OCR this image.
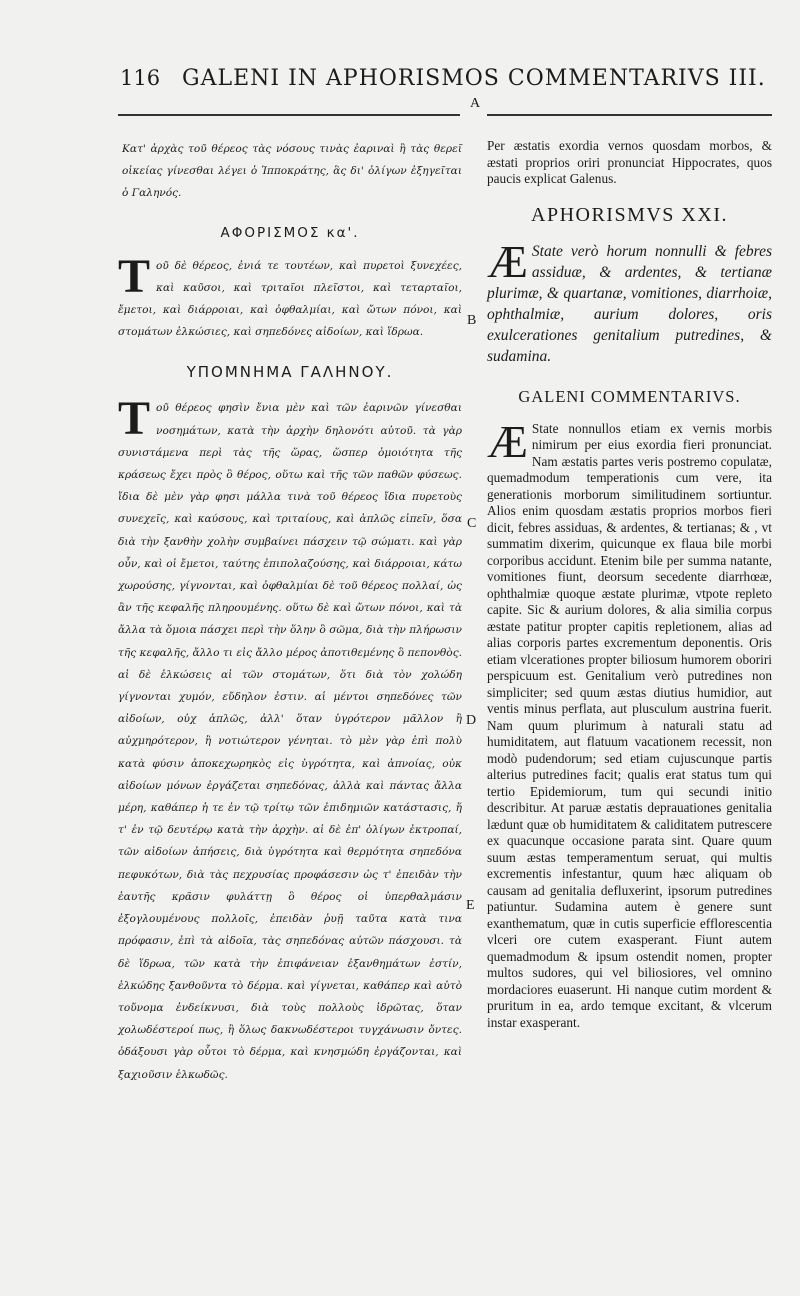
116 GALENI IN APHORISMOS COMMENTARIVS III.
A
B
C
D
E

Κατ' ἀρχὰς τοῦ θέρεος τὰς νόσους τινὰς ἐαριναὶ ἢ τὰς θερεῖ οἰκείας γίνεσθαι λέγει ὁ Ἱπποκράτης, ἃς δι' ὀλίγων ἐξηγεῖται ὁ Γαληνός.

ΑΦΟΡΙΣΜΟΣ κα'.

Τ οῦ δὲ θέρεος, ἐνιά τε τουτέων, καὶ πυρετοὶ ξυνεχέες, καὶ καῦσοι, καὶ τριταῖοι πλεῖστοι, καὶ τεταρταῖοι, ἔμετοι, καὶ διάρροιαι, καὶ ὀφθαλμίαι, καὶ ὤτων πόνοι, καὶ στομάτων ἑλκώσιες, καὶ σηπεδόνες αἰδοίων, καὶ ἵδρωα.

ΥΠΟΜΝΗΜΑ ΓΑΛΗΝΟΥ.

Τ οῦ θέρεος φησὶν ἔνια μὲν καὶ τῶν ἐαρινῶν γίνεσθαι νοσημάτων, κατὰ τὴν ἀρχὴν δηλονότι αὐτοῦ. τὰ γὰρ συνιστάμενα περὶ τὰς τῆς ὥρας, ὥσπερ ὁμοιότητα τῆς κράσεως ἔχει πρὸς ὃ θέρος, οὕτω καὶ τῆς τῶν παθῶν φύσεως. ἴδια δὲ μὲν γὰρ φησι μάλλα τινὰ τοῦ θέρεος ἴδια πυρετοὺς συνεχεῖς, καὶ καύσους, καὶ τριταίους, καὶ ἁπλῶς εἰπεῖν, ὅσα διὰ τὴν ξανθὴν χολὴν συμβαίνει πάσχειν τῷ σώματι. καὶ γὰρ οὖν, καὶ οἱ ἔμετοι, ταύτης ἐπιπολαζούσης, καὶ διάρροιαι, κάτω χωρούσης, γίγνονται, καὶ ὀφθαλμίαι δὲ τοῦ θέρεος πολλαί, ὡς ἂν τῆς κεφαλῆς πληρουμένης. οὕτω δὲ καὶ ὤτων πόνοι, καὶ τὰ ἄλλα τὰ ὅμοια πάσχει περὶ τὴν ὅλην ὃ σῶμα, διὰ τὴν πλήρωσιν τῆς κεφαλῆς, ἄλλο τι εἰς ἄλλο μέρος ἀποτιθεμένης ὃ πεπονθὸς. αἱ δὲ ἑλκώσεις αἱ τῶν στομάτων, ὅτι διὰ τὸν χολώδη γίγνονται χυμόν, εὔδηλον ἐστιν. αἱ μέντοι σηπεδόνες τῶν αἰδοίων, οὐχ ἁπλῶς, ἀλλ' ὅταν ὑγρότερον μᾶλλον ἢ αὐχμηρότερον, ἢ νοτιώτερον γένηται. τὸ μὲν γὰρ ἐπὶ πολὺ κατὰ φύσιν ἀποκεχωρηκὸς εἰς ὑγρότητα, καὶ ἀπνοίας, οὐκ αἰδοίων μόνων ἐργάζεται σηπεδόνας, ἀλλὰ καὶ πάντας ἄλλα μέρη, καθάπερ ἡ τε ἐν τῷ τρίτῳ τῶν ἐπιδημιῶν κατάστασις, ἥ τ' ἐν τῷ δευτέρῳ κατὰ τὴν ἀρχὴν. αἱ δὲ ἐπ' ὀλίγων ἐκτροπαί, τῶν αἰδοίων ἀπήσεις, διὰ ὑγρότητα καὶ θερμότητα σηπεδόνα πεφυκότων, διὰ τὰς πεχρυσίας προφάσεσιν ὡς τ' ἐπειδὰν τὴν ἑαυτῆς κρᾶσιν φυλάττῃ ὃ θέρος οἱ ὑπερθαλμάσιν ἐξογλουμένους πολλοῖς, ἐπειδὰν ῥυῇ ταῦτα κατὰ τινα πρόφασιν, ἐπὶ τὰ αἰδοῖα, τὰς σηπεδόνας αὐτῶν πάσχουσι. τὰ δὲ ἵδρωα, τῶν κατὰ τὴν ἐπιφάνειαν ἐξανθημάτων ἐστίν, ἑλκώδης ξανθοῦντα τὸ δέρμα. καὶ γίγνεται, καθάπερ καὶ αὐτὸ τοὔνομα ἐνδείκνυσι, διὰ τοὺς πολλοὺς ἱδρῶτας, ὅταν χολωδέστεροί πως, ἢ ὅλως δακνωδέστεροι τυγχάνωσιν ὄντες. ὀδάξουσι γὰρ οὗτοι τὸ δέρμα, καὶ κνησμώδη ἐργάζονται, καὶ ξαχιοῦσιν ἑλκωδῶς.

Per æstatis exordia vernos quosdam morbos, & æstati proprios oriri pronunciat Hippocrates, quos paucis explicat Galenus.

APHORISMVS XXI.

Æ State verò horum nonnulli & febres assiduæ, & ardentes, & tertianæ plurimæ, & quartanæ, vomitiones, diarrhoiæ, ophthalmiæ, aurium dolores, oris exulcerationes genitalium putredines, & sudamina.

GALENI COMMENTARIVS.

Æ State nonnullos etiam ex vernis morbis nimirum per eius exordia fieri pronunciat. Nam æstatis partes veris postremo copulatæ, quemadmodum temperationis cum vere, ita generationis morborum similitudinem sortiuntur. Alios enim quosdam æstatis proprios morbos fieri dicit, febres assiduas, & ardentes, & tertianas; & , vt summatim dixerim, quicunque ex flaua bile morbi corporibus accidunt. Etenim bile per summa natante, vomitiones fiunt, deorsum secedente diarrhœæ, ophthalmiæ quoque æstate plurimæ, vtpote repleto capite. Sic & aurium dolores, & alia similia corpus æstate patitur propter capitis repletionem, alias ad alias corporis partes excrementum deponentis. Oris etiam vlcerationes propter biliosum humorem oboriri perspicuum est. Genitalium verò putredines non simpliciter; sed quum æstas diutius humidior, aut ventis minus perflata, aut plusculum austrina fuerit. Nam quum plurimum à naturali statu ad humiditatem, aut flatuum vacationem recessit, non modò pudendorum; sed etiam cujuscunque partis alterius putredines facit; qualis erat status tum qui tertio Epidemiorum, tum qui secundi initio describitur. At paruæ æstatis deprauationes genitalia lædunt quæ ob humiditatem & caliditatem putrescere ex quacunque occasione parata sint. Quare quum suum æstas temperamentum seruat, qui multis excrementis infestantur, quum hæc aliquam ob causam ad genitalia defluxerint, ipsorum putredines patiuntur. Sudamina autem è genere sunt exanthematum, quæ in cutis superficie efflorescentia vlceri ore cutem exasperant. Fiunt autem quemadmodum & ipsum ostendit nomen, propter multos sudores, qui vel biliosiores, vel omnino mordaciores euaserunt. Hi nanque cutim mordent & pruritum in ea, ardo temque excitant, & vlcerum instar exasperant.
